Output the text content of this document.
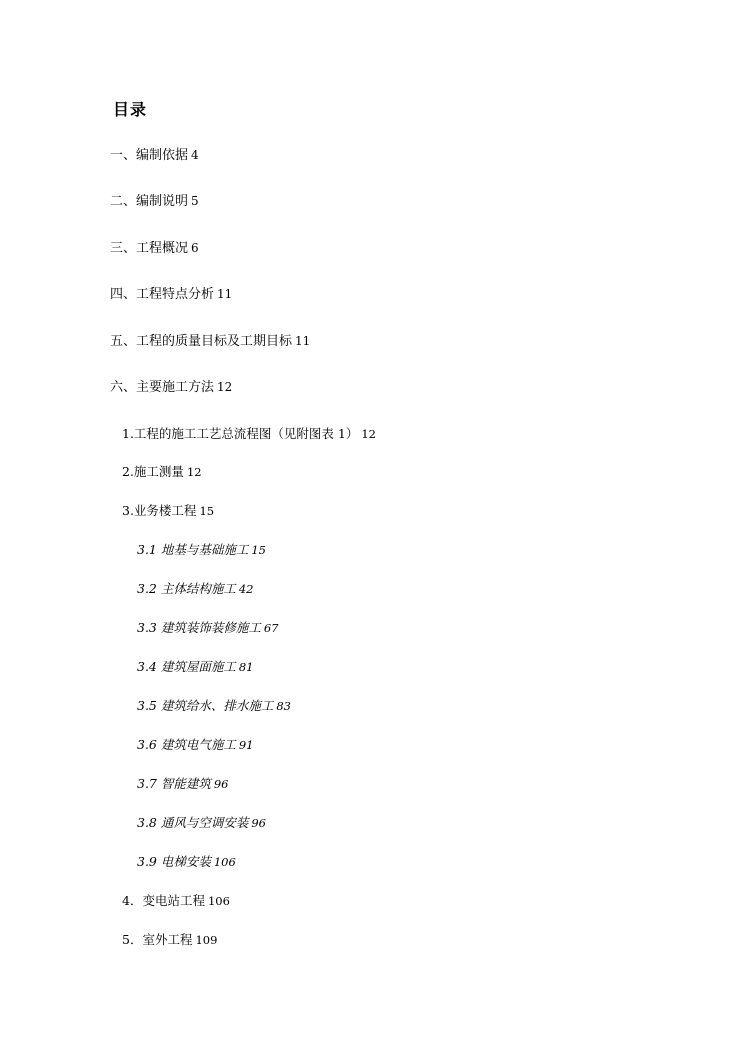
目录
一、编制依据 4
二、编制说明 5
三、工程概况 6
四、工程特点分析 11
五、工程的质量目标及工期目标 11
六、主要施工方法 12
1.工程的施工工艺总流程图（见附图表 1） 12
2.施工测量 12
3.业务楼工程 15
3.1 地基与基础施工 15
3.2 主体结构施工 42
3.3 建筑装饰装修施工 67
3.4 建筑屋面施工 81
3.5 建筑给水、排水施工 83
3.6 建筑电气施工 91
3.7 智能建筑 96
3.8 通风与空调安装 96
3.9 电梯安装 106
4．变电站工程 106
5．室外工程 109
